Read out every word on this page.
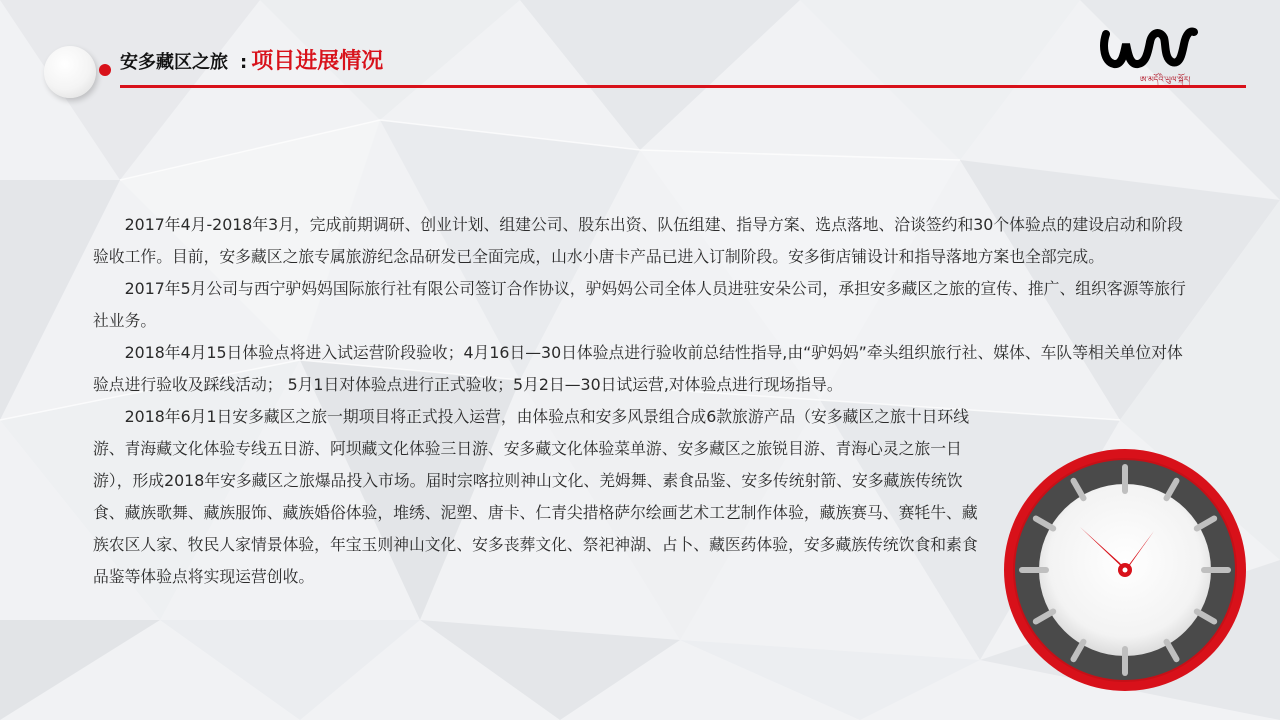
安多藏区之旅 : 项目进展情况
ཨ་མདོའི་ཡུལ་སྐོར།

2017年4月-2018年3月，完成前期调研、创业计划、组建公司、股东出资、队伍组建、指导方案、选点落地、洽谈签约和30个体验点的建设启动和阶段验收工作。目前，安多藏区之旅专属旅游纪念品研发已全面完成，山水小唐卡产品已进入订制阶段。安多街店铺设计和指导落地方案也全部完成。

2017年5月公司与西宁驴妈妈国际旅行社有限公司签订合作协议，驴妈妈公司全体人员进驻安朵公司，承担安多藏区之旅的宣传、推广、组织客源等旅行社业务。

2018年4月15日体验点将进入试运营阶段验收；4月16日—30日体验点进行验收前总结性指导,由“驴妈妈”牵头组织旅行社、媒体、车队等相关单位对体验点进行验收及踩线活动； 5月1日对体验点进行正式验收；5月2日—30日试运营,对体验点进行现场指导。

2018年6月1日安多藏区之旅一期项目将正式投入运营，由体验点和安多风景组合成6款旅游产品（安多藏区之旅十日环线游、青海藏文化体验专线五日游、阿坝藏文化体验三日游、安多藏文化体验菜单游、安多藏区之旅锐目游、青海心灵之旅一日游），形成2018年安多藏区之旅爆品投入市场。届时宗喀拉则神山文化、羌姆舞、素食品鉴、安多传统射箭、安多藏族传统饮食、藏族歌舞、藏族服饰、藏族婚俗体验，堆绣、泥塑、唐卡、仁青尖措格萨尔绘画艺术工艺制作体验，藏族赛马、赛牦牛、藏族农区人家、牧民人家情景体验，年宝玉则神山文化、安多丧葬文化、祭祀神湖、占卜、藏医药体验，安多藏族传统饮食和素食品鉴等体验点将实现运营创收。
